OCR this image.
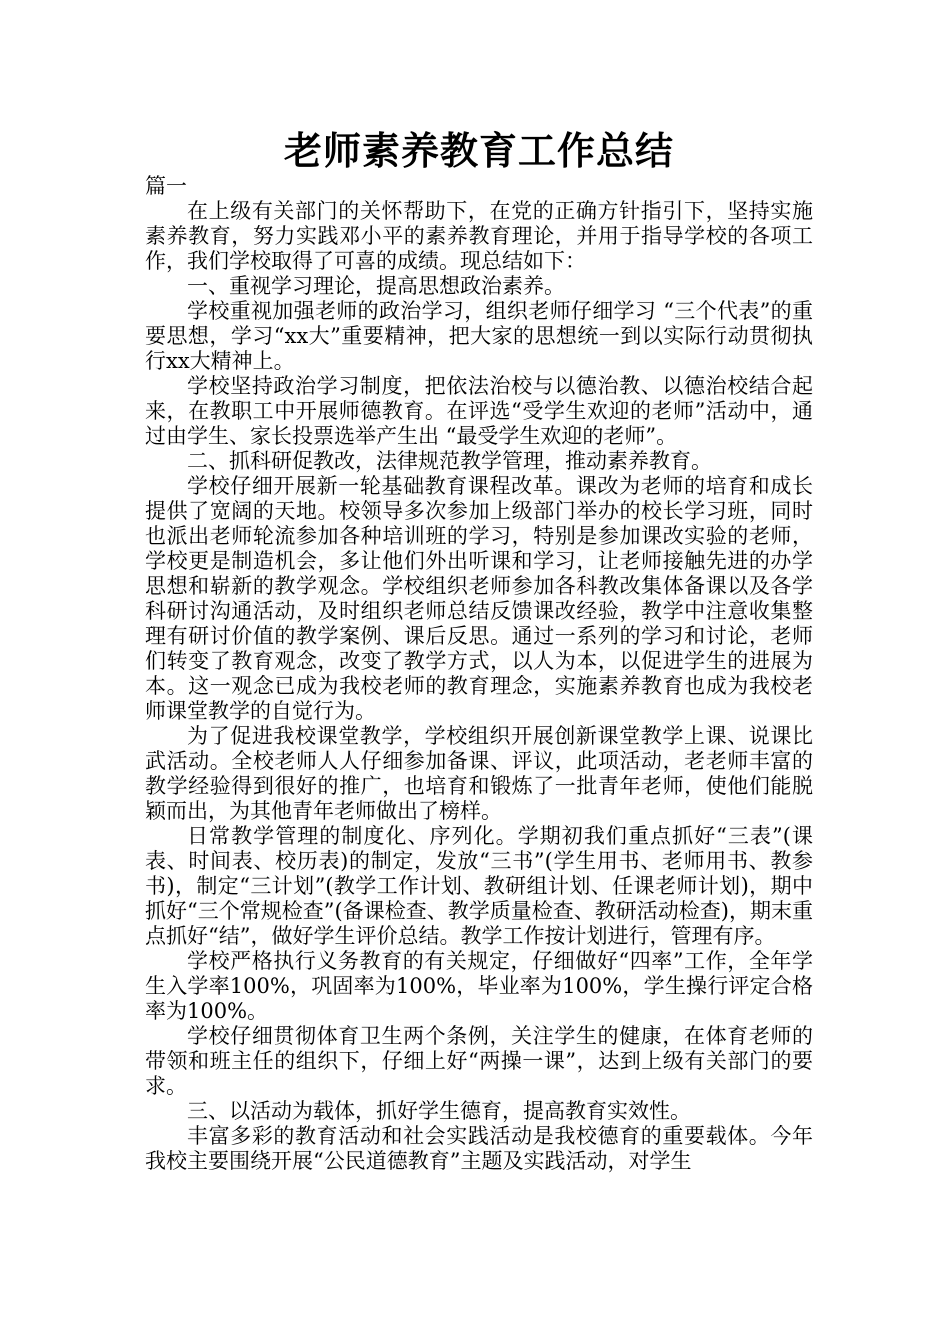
老师素养教育工作总结

篇一

在上级有关部门的关怀帮助下，在党的正确方针指引下，坚持实施素养教育，努力实践邓小平的素养教育理论，并用于指导学校的各项工作，我们学校取得了可喜的成绩。现总结如下：

一、重视学习理论，提高思想政治素养。

学校重视加强老师的政治学习，组织老师仔细学习 “三个代表”的重要思想，学习“xx大”重要精神，把大家的思想统一到以实际行动贯彻执行xx大精神上。

学校坚持政治学习制度，把依法治校与以德治教、以德治校结合起来，在教职工中开展师德教育。在评选“受学生欢迎的老师”活动中，通过由学生、家长投票选举产生出 “最受学生欢迎的老师”。

二、抓科研促教改，法律规范教学管理，推动素养教育。

学校仔细开展新一轮基础教育课程改革。课改为老师的培育和成长提供了宽阔的天地。校领导多次参加上级部门举办的校长学习班，同时也派出老师轮流参加各种培训班的学习，特别是参加课改实验的老师，学校更是制造机会，多让他们外出听课和学习，让老师接触先进的办学思想和崭新的教学观念。学校组织老师参加各科教改集体备课以及各学科研讨沟通活动，及时组织老师总结反馈课改经验，教学中注意收集整理有研讨价值的教学案例、课后反思。通过一系列的学习和讨论，老师们转变了教育观念，改变了教学方式，以人为本，以促进学生的进展为本。这一观念已成为我校老师的教育理念，实施素养教育也成为我校老师课堂教学的自觉行为。

为了促进我校课堂教学，学校组织开展创新课堂教学上课、说课比武活动。全校老师人人仔细参加备课、评议，此项活动，老老师丰富的教学经验得到很好的推广，也培育和锻炼了一批青年老师，使他们能脱颖而出，为其他青年老师做出了榜样。

日常教学管理的制度化、序列化。学期初我们重点抓好“三表”(课表、时间表、校历表)的制定，发放“三书”(学生用书、老师用书、教参书)，制定“三计划”(教学工作计划、教研组计划、任课老师计划)，期中抓好“三个常规检查”(备课检查、教学质量检查、教研活动检查)，期末重点抓好“结”，做好学生评价总结。教学工作按计划进行，管理有序。

学校严格执行义务教育的有关规定，仔细做好“四率”工作，全年学生入学率100%，巩固率为100%，毕业率为100%，学生操行评定合格率为100%。

学校仔细贯彻体育卫生两个条例，关注学生的健康，在体育老师的带领和班主任的组织下，仔细上好“两操一课”，达到上级有关部门的要求。

三、以活动为载体，抓好学生德育，提高教育实效性。

丰富多彩的教育活动和社会实践活动是我校德育的重要载体。今年我校主要围绕开展“公民道德教育”主题及实践活动，对学生
